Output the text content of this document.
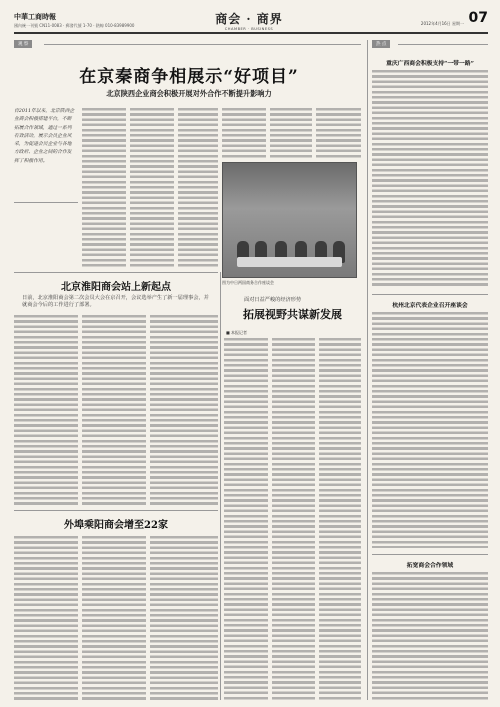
中華工商時報
國內統一刊號 CN11-0083 · 郵發代號 1-70 · 熱線 010-83989900	商会 · 商界
CHAMBER · BUSINESS
2012年4月16日 星期一 07
观 察
在京秦商争相展示“好项目”
北京陕西企业商会积极开展对外合作不断提升影响力
自2011年以来，北京陕西企业商会积极搭建平台，不断拓展合作领域，通过一系列有效活动，展示会员企业风采，为促进会员企业与各地方政府、企业之间的合作发挥了积极作用。
图为中日两国商务合作座谈会
北京淮阳商会站上新起点
日前，北京淮阳商会第二次会员大会在京召开，会议选举产生了新一届理事会，并就商会今后的工作进行了部署。
面对日益严峻的经济形势
拓展视野共谋新发展
■ 本报记者
外埠乘阳商会增至22家
热 点
重庆广西商会积极支持“一带一路”
杭州北京代表企业召开座谈会
拓宽商会合作领域
